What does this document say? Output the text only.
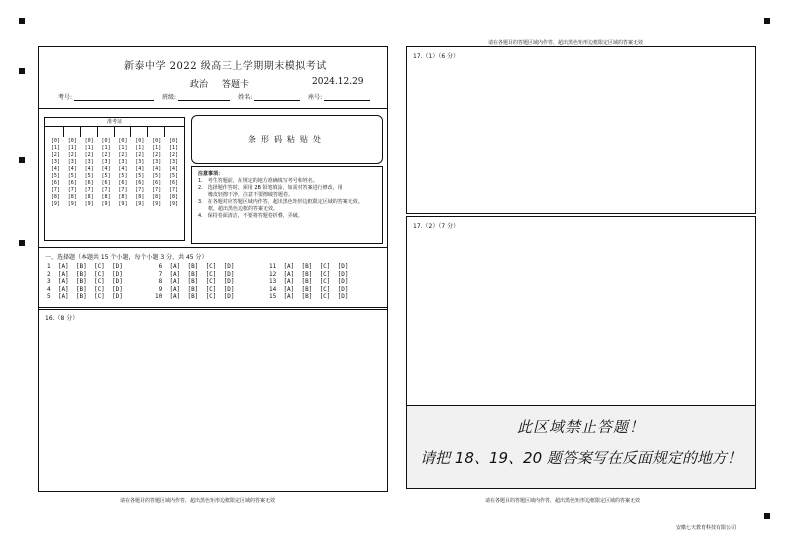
新泰中学 2022 级高三上学期期末模拟考试
政治 答题卡	2024.12.29
考号:	班级:	姓名:	座号:
准考证
[0]	[0]	[0]	[0]	[0]	[0]	[0]	[0]
[1]	[1]	[1]	[1]	[1]	[1]	[1]	[1]
[2]	[2]	[2]	[2]	[2]	[2]	[2]	[2]
[3]	[3]	[3]	[3]	[3]	[3]	[3]	[3]
[4]	[4]	[4]	[4]	[4]	[4]	[4]	[4]
[5]	[5]	[5]	[5]	[5]	[5]	[5]	[5]
[6]	[6]	[6]	[6]	[6]	[6]	[6]	[6]
[7]	[7]	[7]	[7]	[7]	[7]	[7]	[7]
[8]	[8]	[8]	[8]	[8]	[8]	[8]	[8]
[9]	[9]	[9]	[9]	[9]	[9]	[9]	[9]
条形码粘贴处
注意事项：
1.　考生答题前，在规定的地方准确填写考号和姓名。
2.　选择题作答时，须用 2B 铅笔填涂，如需对答案进行修改，用
　　橡皮轻擦干净，注意不要擦破答题卷。
3.　在各题对应答题区域内作答，超出黑色矩形边框限定区域的答案无效。
　　框，超出黑色边框的答案无效。
4.　保持卷面清洁，不要将答题卷折叠，弄破。
一、选择题（本题共 15 个小题，每个小题 3 分，共 45 分）
1  [A]  [B]  [C]  [D]
2  [A]  [B]  [C]  [D]
3  [A]  [B]  [C]  [D]
4  [A]  [B]  [C]  [D]
5  [A]  [B]  [C]  [D]
6  [A]  [B]  [C]  [D]
7  [A]  [B]  [C]  [D]
8  [A]  [B]  [C]  [D]
9  [A]  [B]  [C]  [D]
10  [A]  [B]  [C]  [D]
11  [A]  [B]  [C]  [D]
12  [A]  [B]  [C]  [D]
13  [A]  [B]  [C]  [D]
14  [A]  [B]  [C]  [D]
15  [A]  [B]  [C]  [D]
16.（8 分）
请在各题目的答题区域内作答，超出黑色矩形边框限定区域的答案无效
请在各题目的答题区域内作答，超出黑色矩形边框限定区域的答案无效
17.（1）（6 分）
17.（2）（7 分）
此区域禁止答题！
请把 18、19、20 题答案写在反面规定的地方！
请在各题目的答题区域内作答，超出黑色矩形边框限定区域的答案无效
安徽七天教育科技有限公司
